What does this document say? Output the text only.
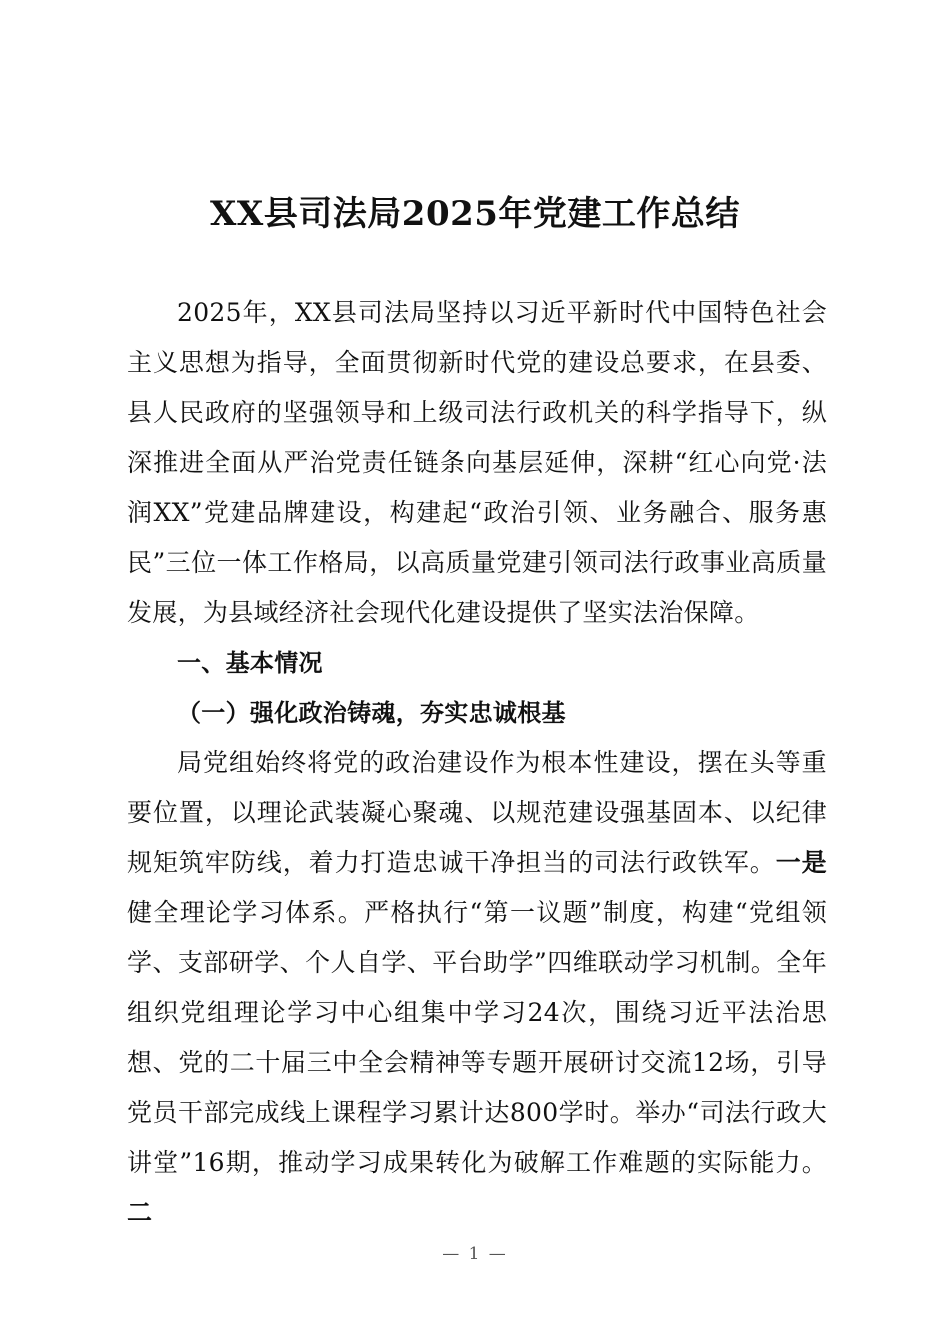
XX县司法局2025年党建工作总结

2025年，XX县司法局坚持以习近平新时代中国特色社会主义思想为指导，全面贯彻新时代党的建设总要求，在县委、县人民政府的坚强领导和上级司法行政机关的科学指导下，纵深推进全面从严治党责任链条向基层延伸，深耕“红心向党·法润XX”党建品牌建设，构建起“政治引领、业务融合、服务惠民”三位一体工作格局，以高质量党建引领司法行政事业高质量发展，为县域经济社会现代化建设提供了坚实法治保障。

一、基本情况

（一）强化政治铸魂，夯实忠诚根基

局党组始终将党的政治建设作为根本性建设，摆在头等重要位置，以理论武装凝心聚魂、以规范建设强基固本、以纪律规矩筑牢防线，着力打造忠诚干净担当的司法行政铁军。一是健全理论学习体系。严格执行“第一议题”制度，构建“党组领学、支部研学、个人自学、平台助学”四维联动学习机制。全年组织党组理论学习中心组集中学习24次，围绕习近平法治思想、党的二十届三中全会精神等专题开展研讨交流12场，引导党员干部完成线上课程学习累计达800学时。举办“司法行政大讲堂”16期，推动学习成果转化为破解工作难题的实际能力。二

— 1 —
